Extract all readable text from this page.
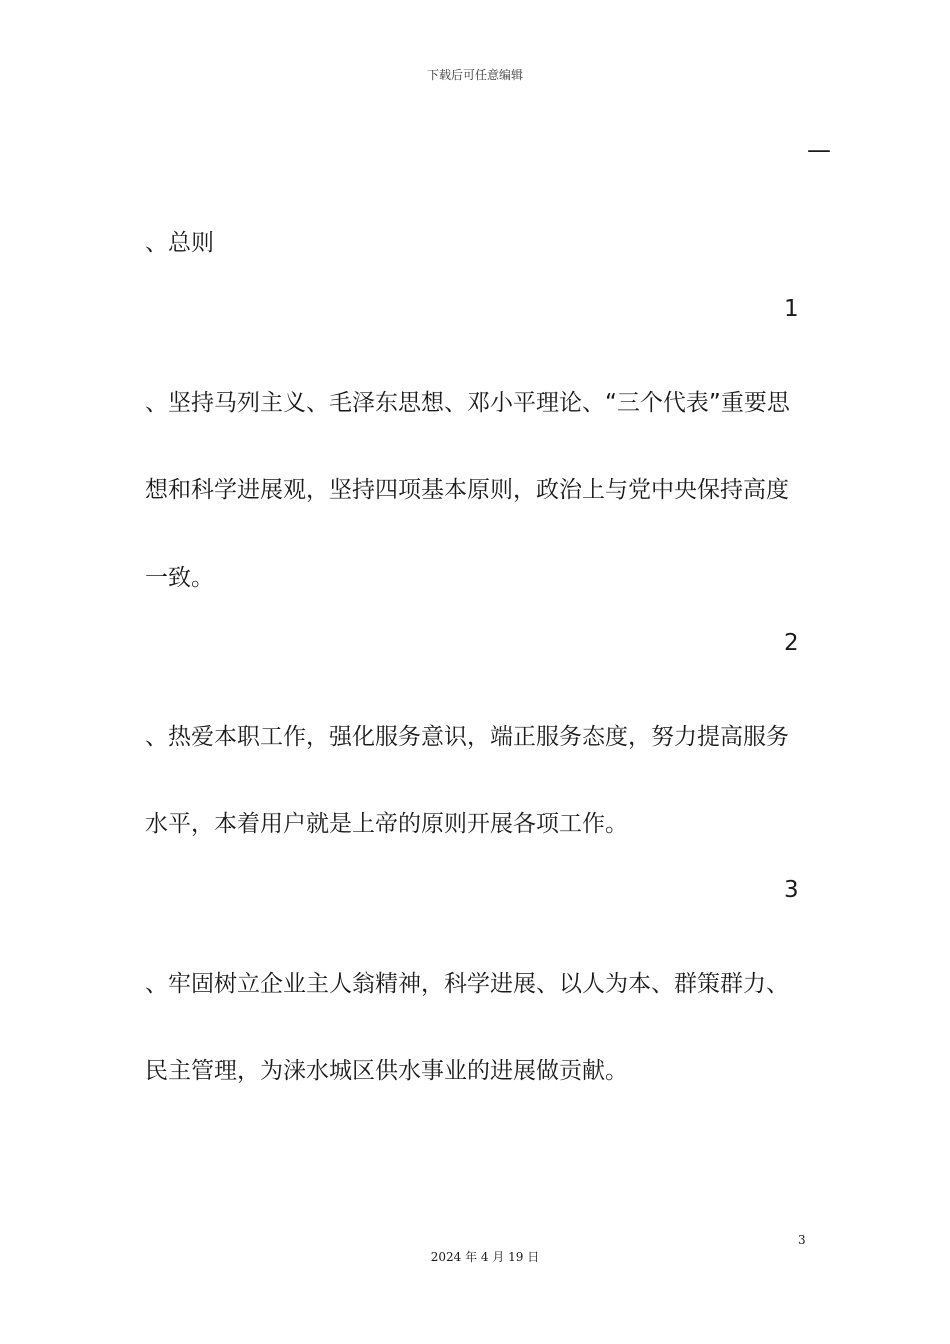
下载后可任意编辑
—
、总则
1
、坚持马列主义、毛泽东思想、邓小平理论、“三个代表”重要思
想和科学进展观，坚持四项基本原则，政治上与党中央保持高度
一致。
2
、热爱本职工作，强化服务意识，端正服务态度，努力提高服务
水平，本着用户就是上帝的原则开展各项工作。
3
、牢固树立企业主人翁精神，科学进展、以人为本、群策群力、
民主管理，为涞水城区供水事业的进展做贡献。
3
2024 年 4 月 19 日
